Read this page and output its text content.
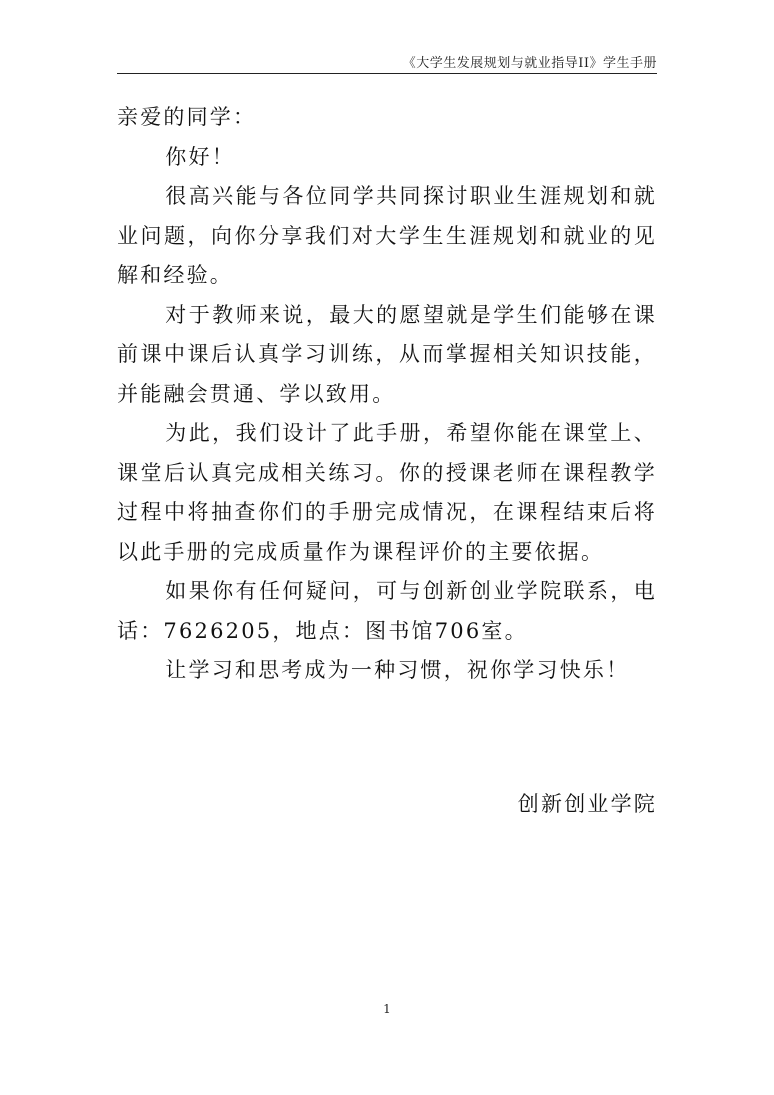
《大学生发展规划与就业指导II》学生手册

亲爱的同学：

你好！

很高兴能与各位同学共同探讨职业生涯规划和就业问题，向你分享我们对大学生生涯规划和就业的见解和经验。

对于教师来说，最大的愿望就是学生们能够在课前课中课后认真学习训练，从而掌握相关知识技能，并能融会贯通、学以致用。

为此，我们设计了此手册，希望你能在课堂上、课堂后认真完成相关练习。你的授课老师在课程教学过程中将抽查你们的手册完成情况，在课程结束后将以此手册的完成质量作为课程评价的主要依据。

如果你有任何疑问，可与创新创业学院联系，电话：7626205，地点：图书馆706室。

让学习和思考成为一种习惯，祝你学习快乐！

创新创业学院
1
